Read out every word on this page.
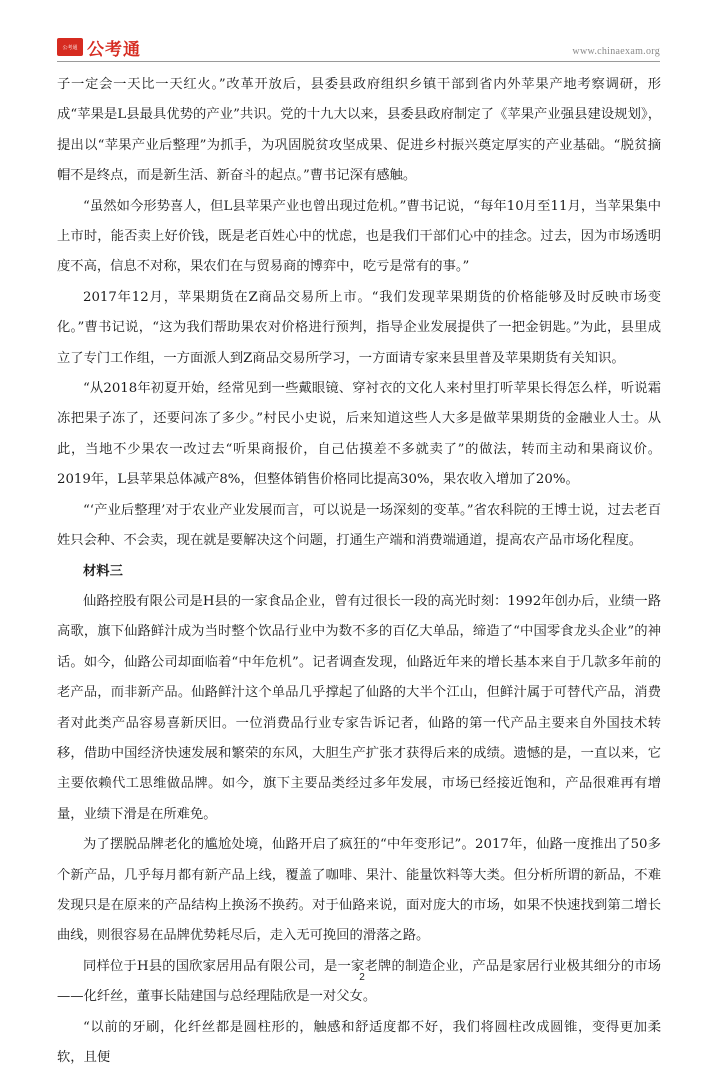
公考通 公考通	www.chinaexam.org

子一定会一天比一天红火。”改革开放后，县委县政府组织乡镇干部到省内外苹果产地考察调研，形成“苹果是L县最具优势的产业”共识。党的十九大以来，县委县政府制定了《苹果产业强县建设规划》，提出以“苹果产业后整理”为抓手，为巩固脱贫攻坚成果、促进乡村振兴奠定厚实的产业基础。“脱贫摘帽不是终点，而是新生活、新奋斗的起点。”曹书记深有感触。

“虽然如今形势喜人，但L县苹果产业也曾出现过危机。”曹书记说，“每年10月至11月，当苹果集中上市时，能否卖上好价钱，既是老百姓心中的忧虑，也是我们干部们心中的挂念。过去，因为市场透明度不高，信息不对称，果农们在与贸易商的博弈中，吃亏是常有的事。”

2017年12月，苹果期货在Z商品交易所上市。“我们发现苹果期货的价格能够及时反映市场变化。”曹书记说，“这为我们帮助果农对价格进行预判，指导企业发展提供了一把金钥匙。”为此，县里成立了专门工作组，一方面派人到Z商品交易所学习，一方面请专家来县里普及苹果期货有关知识。

“从2018年初夏开始，经常见到一些戴眼镜、穿衬衣的文化人来村里打听苹果长得怎么样，听说霜冻把果子冻了，还要问冻了多少。”村民小史说，后来知道这些人大多是做苹果期货的金融业人士。从此，当地不少果农一改过去“听果商报价，自己估摸差不多就卖了”的做法，转而主动和果商议价。2019年，L县苹果总体减产8%，但整体销售价格同比提高30%，果农收入增加了20%。

“‘产业后整理’对于农业产业发展而言，可以说是一场深刻的变革。”省农科院的王博士说，过去老百姓只会种、不会卖，现在就是要解决这个问题，打通生产端和消费端通道，提高农产品市场化程度。

材料三

仙路控股有限公司是H县的一家食品企业，曾有过很长一段的高光时刻：1992年创办后，业绩一路高歌，旗下仙路鲜汁成为当时整个饮品行业中为数不多的百亿大单品，缔造了“中国零食龙头企业”的神话。如今，仙路公司却面临着“中年危机”。记者调查发现，仙路近年来的增长基本来自于几款多年前的老产品，而非新产品。仙路鲜汁这个单品几乎撑起了仙路的大半个江山，但鲜汁属于可替代产品，消费者对此类产品容易喜新厌旧。一位消费品行业专家告诉记者，仙路的第一代产品主要来自外国技术转移，借助中国经济快速发展和繁荣的东风，大胆生产扩张才获得后来的成绩。遗憾的是，一直以来，它主要依赖代工思维做品牌。如今，旗下主要品类经过多年发展，市场已经接近饱和，产品很难再有增量，业绩下滑是在所难免。

为了摆脱品牌老化的尴尬处境，仙路开启了疯狂的“中年变形记”。2017年，仙路一度推出了50多个新产品，几乎每月都有新产品上线，覆盖了咖啡、果汁、能量饮料等大类。但分析所谓的新品，不难发现只是在原来的产品结构上换汤不换药。对于仙路来说，面对庞大的市场，如果不快速找到第二增长曲线，则很容易在品牌优势耗尽后，走入无可挽回的滑落之路。

同样位于H县的国欣家居用品有限公司，是一家老牌的制造企业，产品是家居行业极其细分的市场——化纤丝，董事长陆建国与总经理陆欣是一对父女。

“以前的牙刷，化纤丝都是圆柱形的，触感和舒适度都不好，我们将圆柱改成圆锥，变得更加柔软，且便

2
